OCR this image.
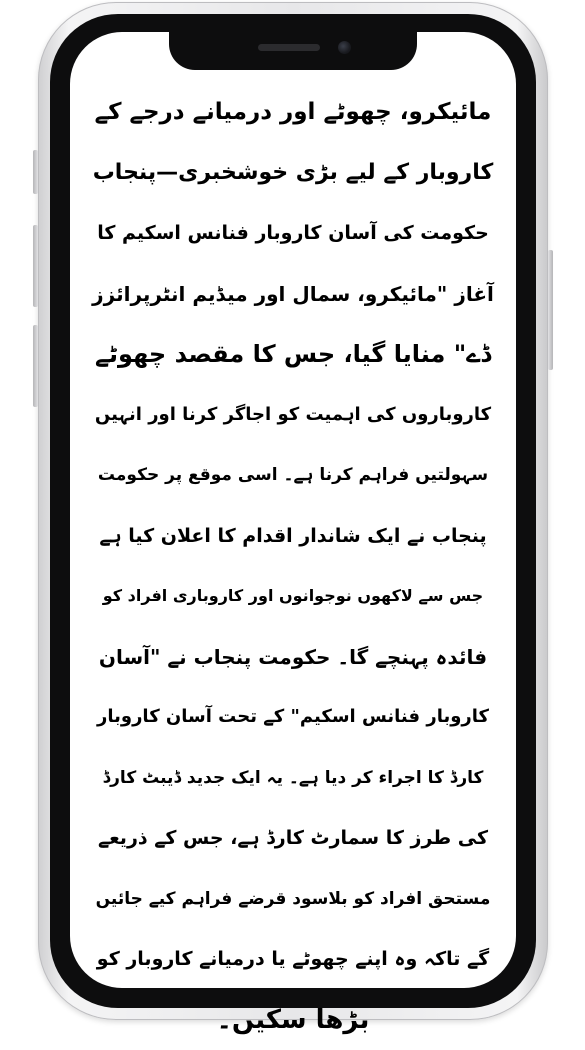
مائیکرو، چھوٹے اور درمیانے درجے کے
کاروبار کے لیے بڑی خوشخبری—پنجاب
حکومت کی آسان کاروبار فنانس اسکیم کا
آغاز "مائیکرو، سمال اور میڈیم انٹرپرائزز
ڈے" منایا گیا، جس کا مقصد چھوٹے
کاروباروں کی اہمیت کو اجاگر کرنا اور انہیں
سہولتیں فراہم کرنا ہے۔ اسی موقع پر حکومت
پنجاب نے ایک شاندار اقدام کا اعلان کیا ہے
جس سے لاکھوں نوجوانوں اور کاروباری افراد کو
فائدہ پہنچے گا۔ حکومت پنجاب نے "آسان
کاروبار فنانس اسکیم" کے تحت آسان کاروبار
کارڈ کا اجراء کر دیا ہے۔ یہ ایک جدید ڈیبٹ کارڈ
کی طرز کا سمارٹ کارڈ ہے، جس کے ذریعے
مستحق افراد کو بلاسود قرضے فراہم کیے جائیں
گے تاکہ وہ اپنے چھوٹے یا درمیانے کاروبار کو
بڑھا سکیں۔
